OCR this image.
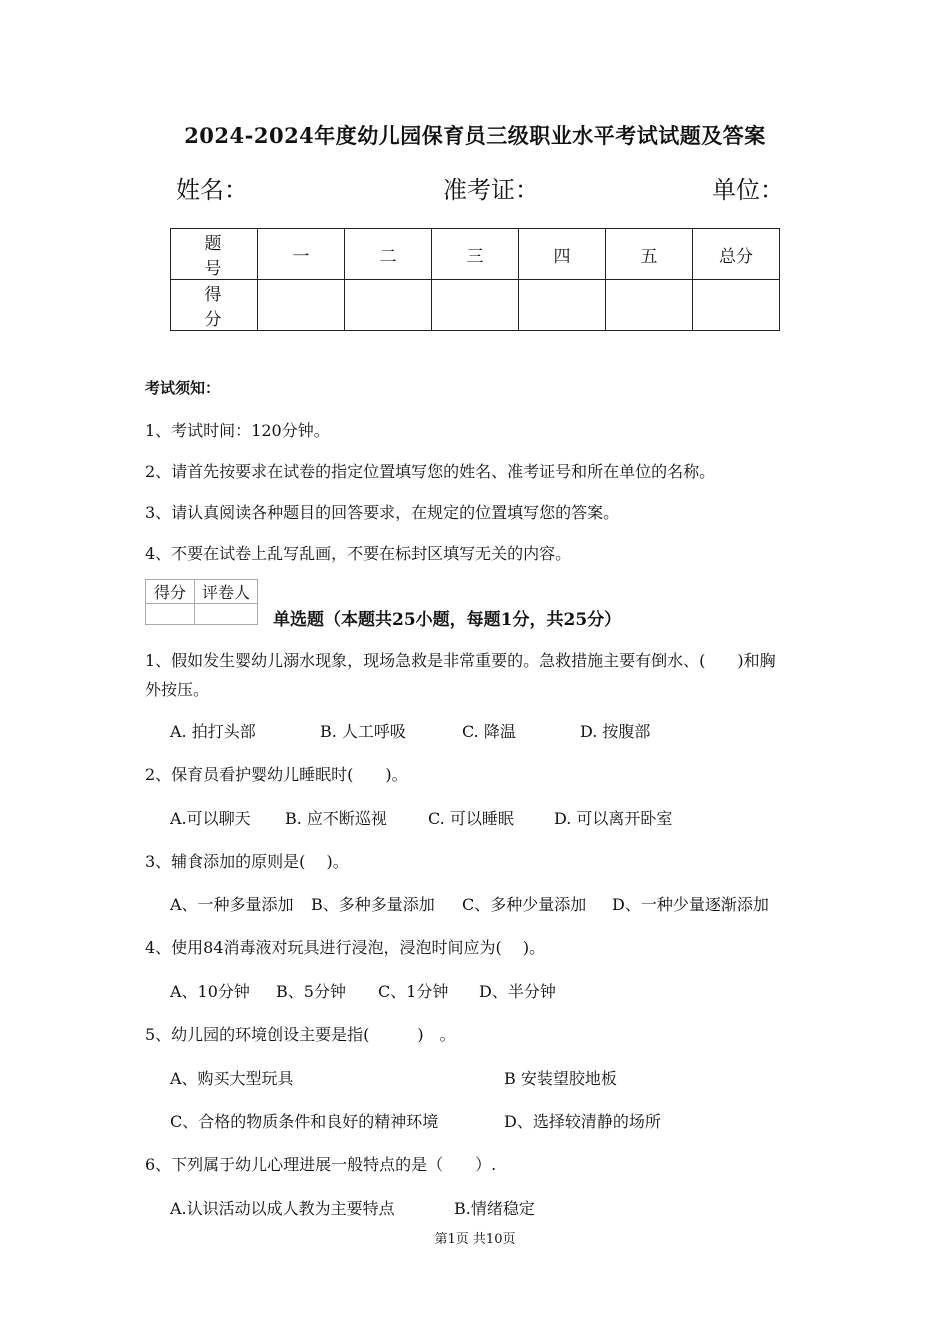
2024-2024年度幼儿园保育员三级职业水平考试试题及答案
姓名：	准考证：	单位：
题　号	一	二	三	四	五	总分
得　分						
考试须知：
1、考试时间：120分钟。
2、请首先按要求在试卷的指定位置填写您的姓名、准考证号和所在单位的名称。
3、请认真阅读各种题目的回答要求，在规定的位置填写您的答案。
4、不要在试卷上乱写乱画，不要在标封区填写无关的内容。
得分	评卷人

单选题（本题共25小题，每题1分，共25分）
1、假如发生婴幼儿溺水现象，现场急救是非常重要的。急救措施主要有倒水、(　　)和胸
外按压。
A. 拍打头部	B. 人工呼吸	C. 降温	D. 按腹部
2、保育员看护婴幼儿睡眠时(　　)。
A.可以聊天 B. 应不断巡视	C. 可以睡眠	D. 可以离开卧室
3、辅食添加的原则是(　 )。
A、一种多量添加 B、多种多量添加 C、多种少量添加 D、一种少量逐渐添加
4、使用84消毒液对玩具进行浸泡，浸泡时间应为(　 )。
A、10分钟 B、5分钟 C、1分钟 D、半分钟
5、幼儿园的环境创设主要是指(　　　)　。
A、购买大型玩具	B 安装望胶地板
C、合格的物质条件和良好的精神环境	D、选择较清静的场所
6、下列属于幼儿心理进展一般特点的是（　　）.
A.认识活动以成人教为主要特点	B.情绪稳定
第1页 共10页
